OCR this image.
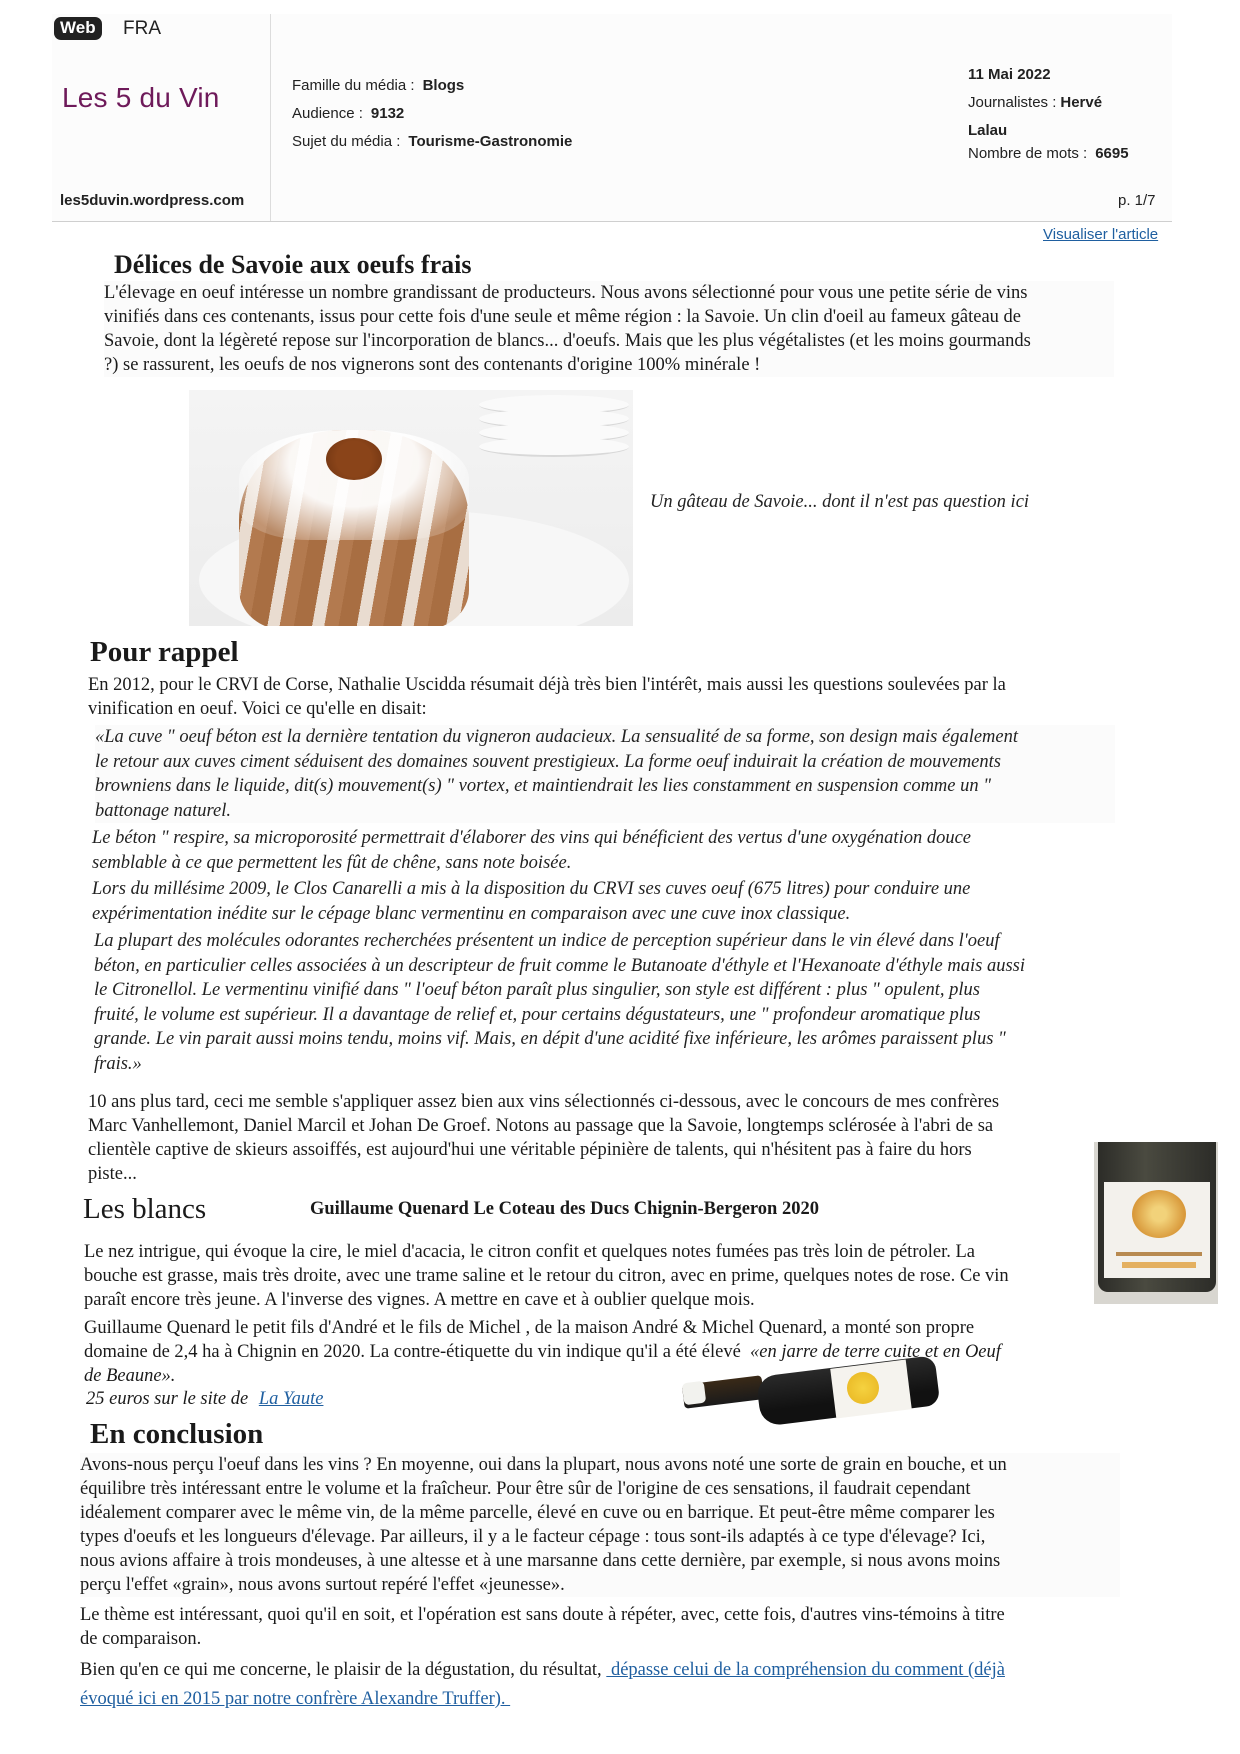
Web	FRA
Les 5 du Vin
les5duvin.wordpress.com
Famille du média : Blogs
Audience : 9132
Sujet du média : Tourisme-Gastronomie
11 Mai 2022
Journalistes : Hervé
Lalau
Nombre de mots : 6695
p. 1/7
Visualiser l'article
Délices de Savoie aux oeufs frais
L'élevage en oeuf intéresse un nombre grandissant de producteurs. Nous avons sélectionné pour vous une petite série de vins
vinifiés dans ces contenants, issus pour cette fois d'une seule et même région : la Savoie. Un clin d'oeil au fameux gâteau de
Savoie, dont la légèreté repose sur l'incorporation de blancs... d'oeufs. Mais que les plus végétalistes (et les moins gourmands
?) se rassurent, les oeufs de nos vignerons sont des contenants d'origine 100% minérale !
Un gâteau de Savoie... dont il n'est pas question ici
Pour rappel
En 2012, pour le CRVI de Corse, Nathalie Uscidda résumait déjà très bien l'intérêt, mais aussi les questions soulevées par la
vinification en oeuf. Voici ce qu'elle en disait:
«La cuve " oeuf béton est la dernière tentation du vigneron audacieux. La sensualité de sa forme, son design mais également
le retour aux cuves ciment séduisent des domaines souvent prestigieux. La forme oeuf induirait la création de mouvements
browniens dans le liquide, dit(s) mouvement(s) " vortex, et maintiendrait les lies constamment en suspension comme un "
battonage naturel.
Le béton " respire, sa microporosité permettrait d'élaborer des vins qui bénéficient des vertus d'une oxygénation douce
semblable à ce que permettent les fût de chêne, sans note boisée.
Lors du millésime 2009, le Clos Canarelli a mis à la disposition du CRVI ses cuves oeuf (675 litres) pour conduire une
expérimentation inédite sur le cépage blanc vermentinu en comparaison avec une cuve inox classique.
La plupart des molécules odorantes recherchées présentent un indice de perception supérieur dans le vin élevé dans l'oeuf
béton, en particulier celles associées à un descripteur de fruit comme le Butanoate d'éthyle et l'Hexanoate d'éthyle mais aussi
le Citronellol. Le vermentinu vinifié dans " l'oeuf béton paraît plus singulier, son style est différent : plus " opulent, plus
fruité, le volume est supérieur. Il a davantage de relief et, pour certains dégustateurs, une " profondeur aromatique plus
grande. Le vin parait aussi moins tendu, moins vif. Mais, en dépit d'une acidité fixe inférieure, les arômes paraissent plus "
frais.»
10 ans plus tard, ceci me semble s'appliquer assez bien aux vins sélectionnés ci-dessous, avec le concours de mes confrères
Marc Vanhellemont, Daniel Marcil et Johan De Groef. Notons au passage que la Savoie, longtemps sclérosée à l'abri de sa
clientèle captive de skieurs assoiffés, est aujourd'hui une véritable pépinière de talents, qui n'hésitent pas à faire du hors
piste...
Les blancs	Guillaume Quenard Le Coteau des Ducs Chignin-Bergeron 2020
Le nez intrigue, qui évoque la cire, le miel d'acacia, le citron confit et quelques notes fumées pas très loin de pétroler. La
bouche est grasse, mais très droite, avec une trame saline et le retour du citron, avec en prime, quelques notes de rose. Ce vin
paraît encore très jeune. A l'inverse des vignes. A mettre en cave et à oublier quelque mois.
Guillaume Quenard le petit fils d'André et le fils de Michel , de la maison André & Michel Quenard, a monté son propre
domaine de 2,4 ha à Chignin en 2020. La contre-étiquette du vin indique qu'il a été élevé  «en jarre de terre cuite et en Oeuf
de Beaune».
25 euros sur le site de La Yaute
En conclusion
Avons-nous perçu l'oeuf dans les vins ? En moyenne, oui dans la plupart, nous avons noté une sorte de grain en bouche, et un
équilibre très intéressant entre le volume et la fraîcheur. Pour être sûr de l'origine de ces sensations, il faudrait cependant
idéalement comparer avec le même vin, de la même parcelle, élevé en cuve ou en barrique. Et peut-être même comparer les
types d'oeufs et les longueurs d'élevage. Par ailleurs, il y a le facteur cépage : tous sont-ils adaptés à ce type d'élevage? Ici,
nous avions affaire à trois mondeuses, à une altesse et à une marsanne dans cette dernière, par exemple, si nous avons moins
perçu l'effet «grain», nous avons surtout repéré l'effet «jeunesse».
Le thème est intéressant, quoi qu'il en soit, et l'opération est sans doute à répéter, avec, cette fois, d'autres vins-témoins à titre
de comparaison.
Bien qu'en ce qui me concerne, le plaisir de la dégustation, du résultat,  dépasse celui de la compréhension du comment (déjà
évoqué ici en 2015 par notre confrère Alexandre Truffer).
